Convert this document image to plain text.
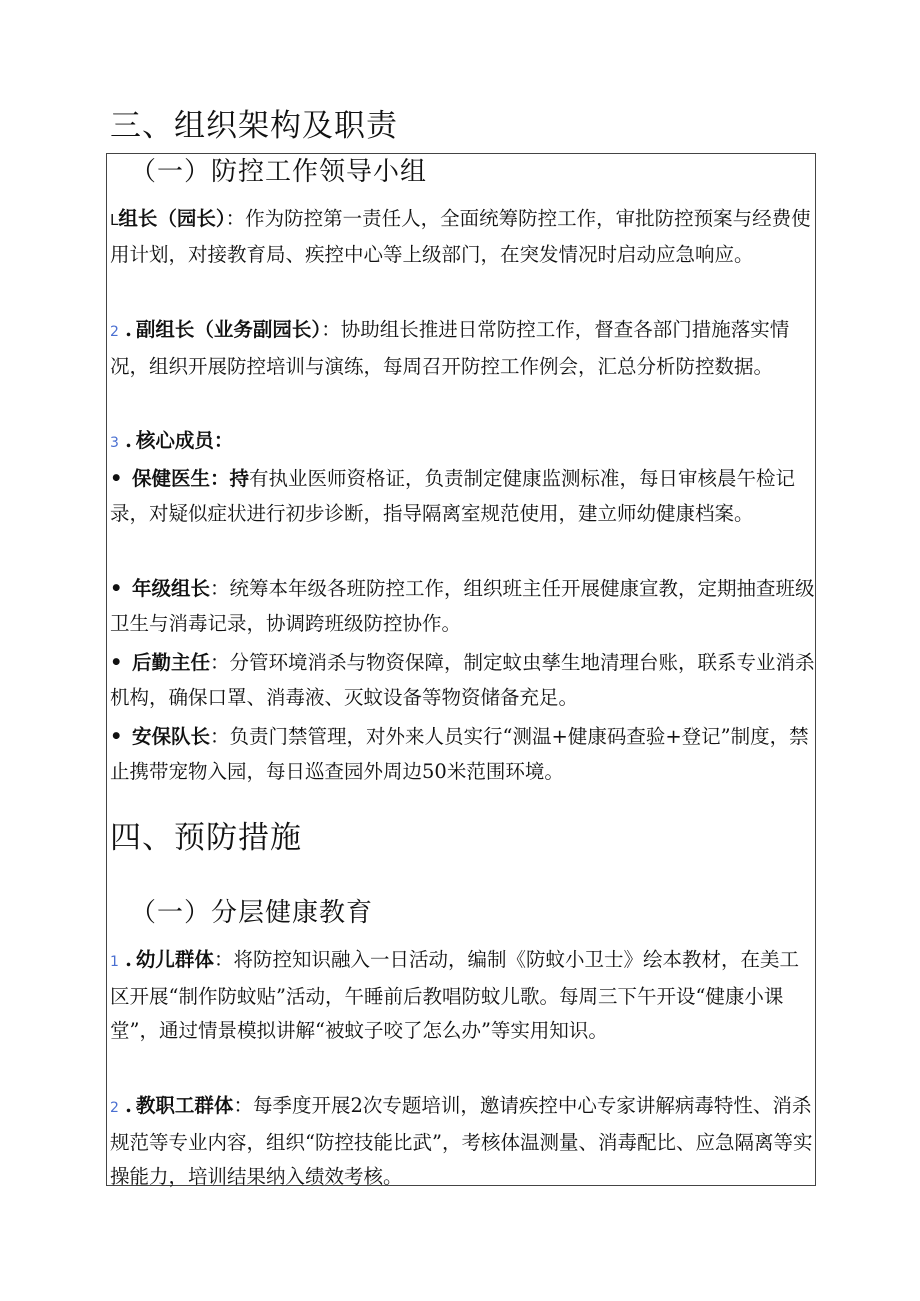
三、组织架构及职责
（一）防控工作领导小组

L组长（园长）：作为防控第一责任人，全面统筹防控工作，审批防控预案与经费使用计划，对接教育局、疾控中心等上级部门，在突发情况时启动应急响应。

2 . 副组长（业务副园长）：协助组长推进日常防控工作，督查各部门措施落实情况，组织开展防控培训与演练，每周召开防控工作例会，汇总分析防控数据。

3 . 核心成员：

• 保健医生：持有执业医师资格证，负责制定健康监测标准，每日审核晨午检记录，对疑似症状进行初步诊断，指导隔离室规范使用，建立师幼健康档案。

• 年级组长：统筹本年级各班防控工作，组织班主任开展健康宣教，定期抽查班级卫生与消毒记录，协调跨班级防控协作。

• 后勤主任：分管环境消杀与物资保障，制定蚊虫孳生地清理台账，联系专业消杀机构，确保口罩、消毒液、灭蚊设备等物资储备充足。

• 安保队长：负责门禁管理，对外来人员实行“测温+健康码查验+登记”制度，禁止携带宠物入园，每日巡查园外周边50米范围环境。

四、预防措施
（一）分层健康教育

1 . 幼儿群体：将防控知识融入一日活动，编制《防蚊小卫士》绘本教材，在美工区开展“制作防蚊贴”活动，午睡前后教唱防蚊儿歌。每周三下午开设“健康小课堂”，通过情景模拟讲解“被蚊子咬了怎么办”等实用知识。

2 . 教职工群体：每季度开展2次专题培训，邀请疾控中心专家讲解病毒特性、消杀规范等专业内容，组织“防控技能比武”，考核体温测量、消毒配比、应急隔离等实操能力，培训结果纳入绩效考核。
